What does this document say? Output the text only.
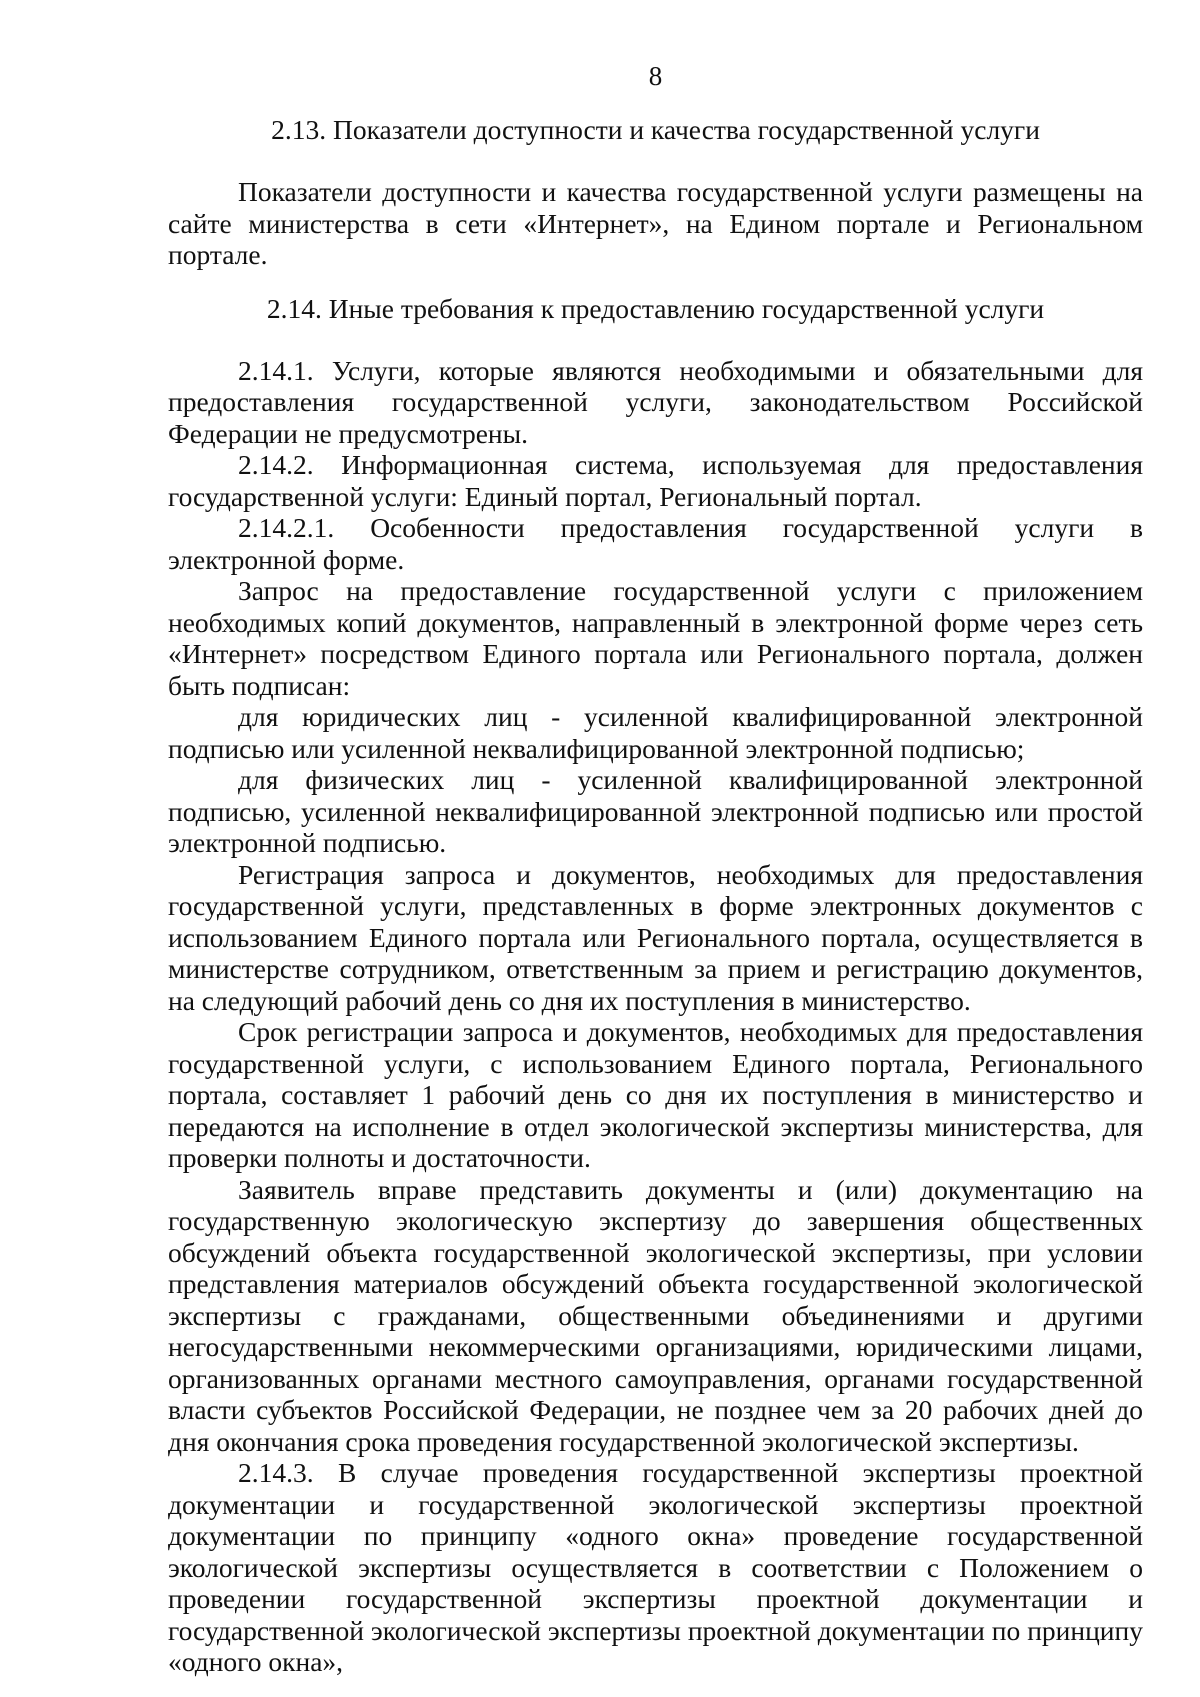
8
2.13. Показатели доступности и качества государственной услуги

Показатели доступности и качества государственной услуги размещены на сайте министерства в сети «Интернет», на Едином портале и Региональном портале.

2.14. Иные требования к предоставлению государственной услуги

2.14.1. Услуги, которые являются необходимыми и обязательными для предоставления государственной услуги, законодательством Российской Федерации не предусмотрены.

2.14.2. Информационная система, используемая для предоставления государственной услуги: Единый портал, Региональный портал.

2.14.2.1. Особенности предоставления государственной услуги в электронной форме.

Запрос на предоставление государственной услуги с приложением необходимых копий документов, направленный в электронной форме через сеть «Интернет» посредством Единого портала или Регионального портала, должен быть подписан:

для юридических лиц - усиленной квалифицированной электронной подписью или усиленной неквалифицированной электронной подписью;

для физических лиц - усиленной квалифицированной электронной подписью, усиленной неквалифицированной электронной подписью или простой электронной подписью.

Регистрация запроса и документов, необходимых для предоставления государственной услуги, представленных в форме электронных документов с использованием Единого портала или Регионального портала, осуществляется в министерстве сотрудником, ответственным за прием и регистрацию документов, на следующий рабочий день со дня их поступления в министерство.

Срок регистрации запроса и документов, необходимых для предоставления государственной услуги, с использованием Единого портала, Регионального портала, составляет 1 рабочий день со дня их поступления в министерство и передаются на исполнение в отдел экологической экспертизы министерства, для проверки полноты и достаточности.

Заявитель вправе представить документы и (или) документацию на государственную экологическую экспертизу до завершения общественных обсуждений объекта государственной экологической экспертизы, при условии представления материалов обсуждений объекта государственной экологической экспертизы с гражданами, общественными объединениями и другими негосударственными некоммерческими организациями, юридическими лицами, организованных органами местного самоуправления, органами государственной власти субъектов Российской Федерации, не позднее чем за 20 рабочих дней до дня окончания срока проведения государственной экологической экспертизы.

2.14.3. В случае проведения государственной экспертизы проектной документации и государственной экологической экспертизы проектной документации по принципу «одного окна» проведение государственной экологической экспертизы осуществляется в соответствии с Положением о проведении государственной экспертизы проектной документации и государственной экологической экспертизы проектной документации по принципу «одного окна»,
